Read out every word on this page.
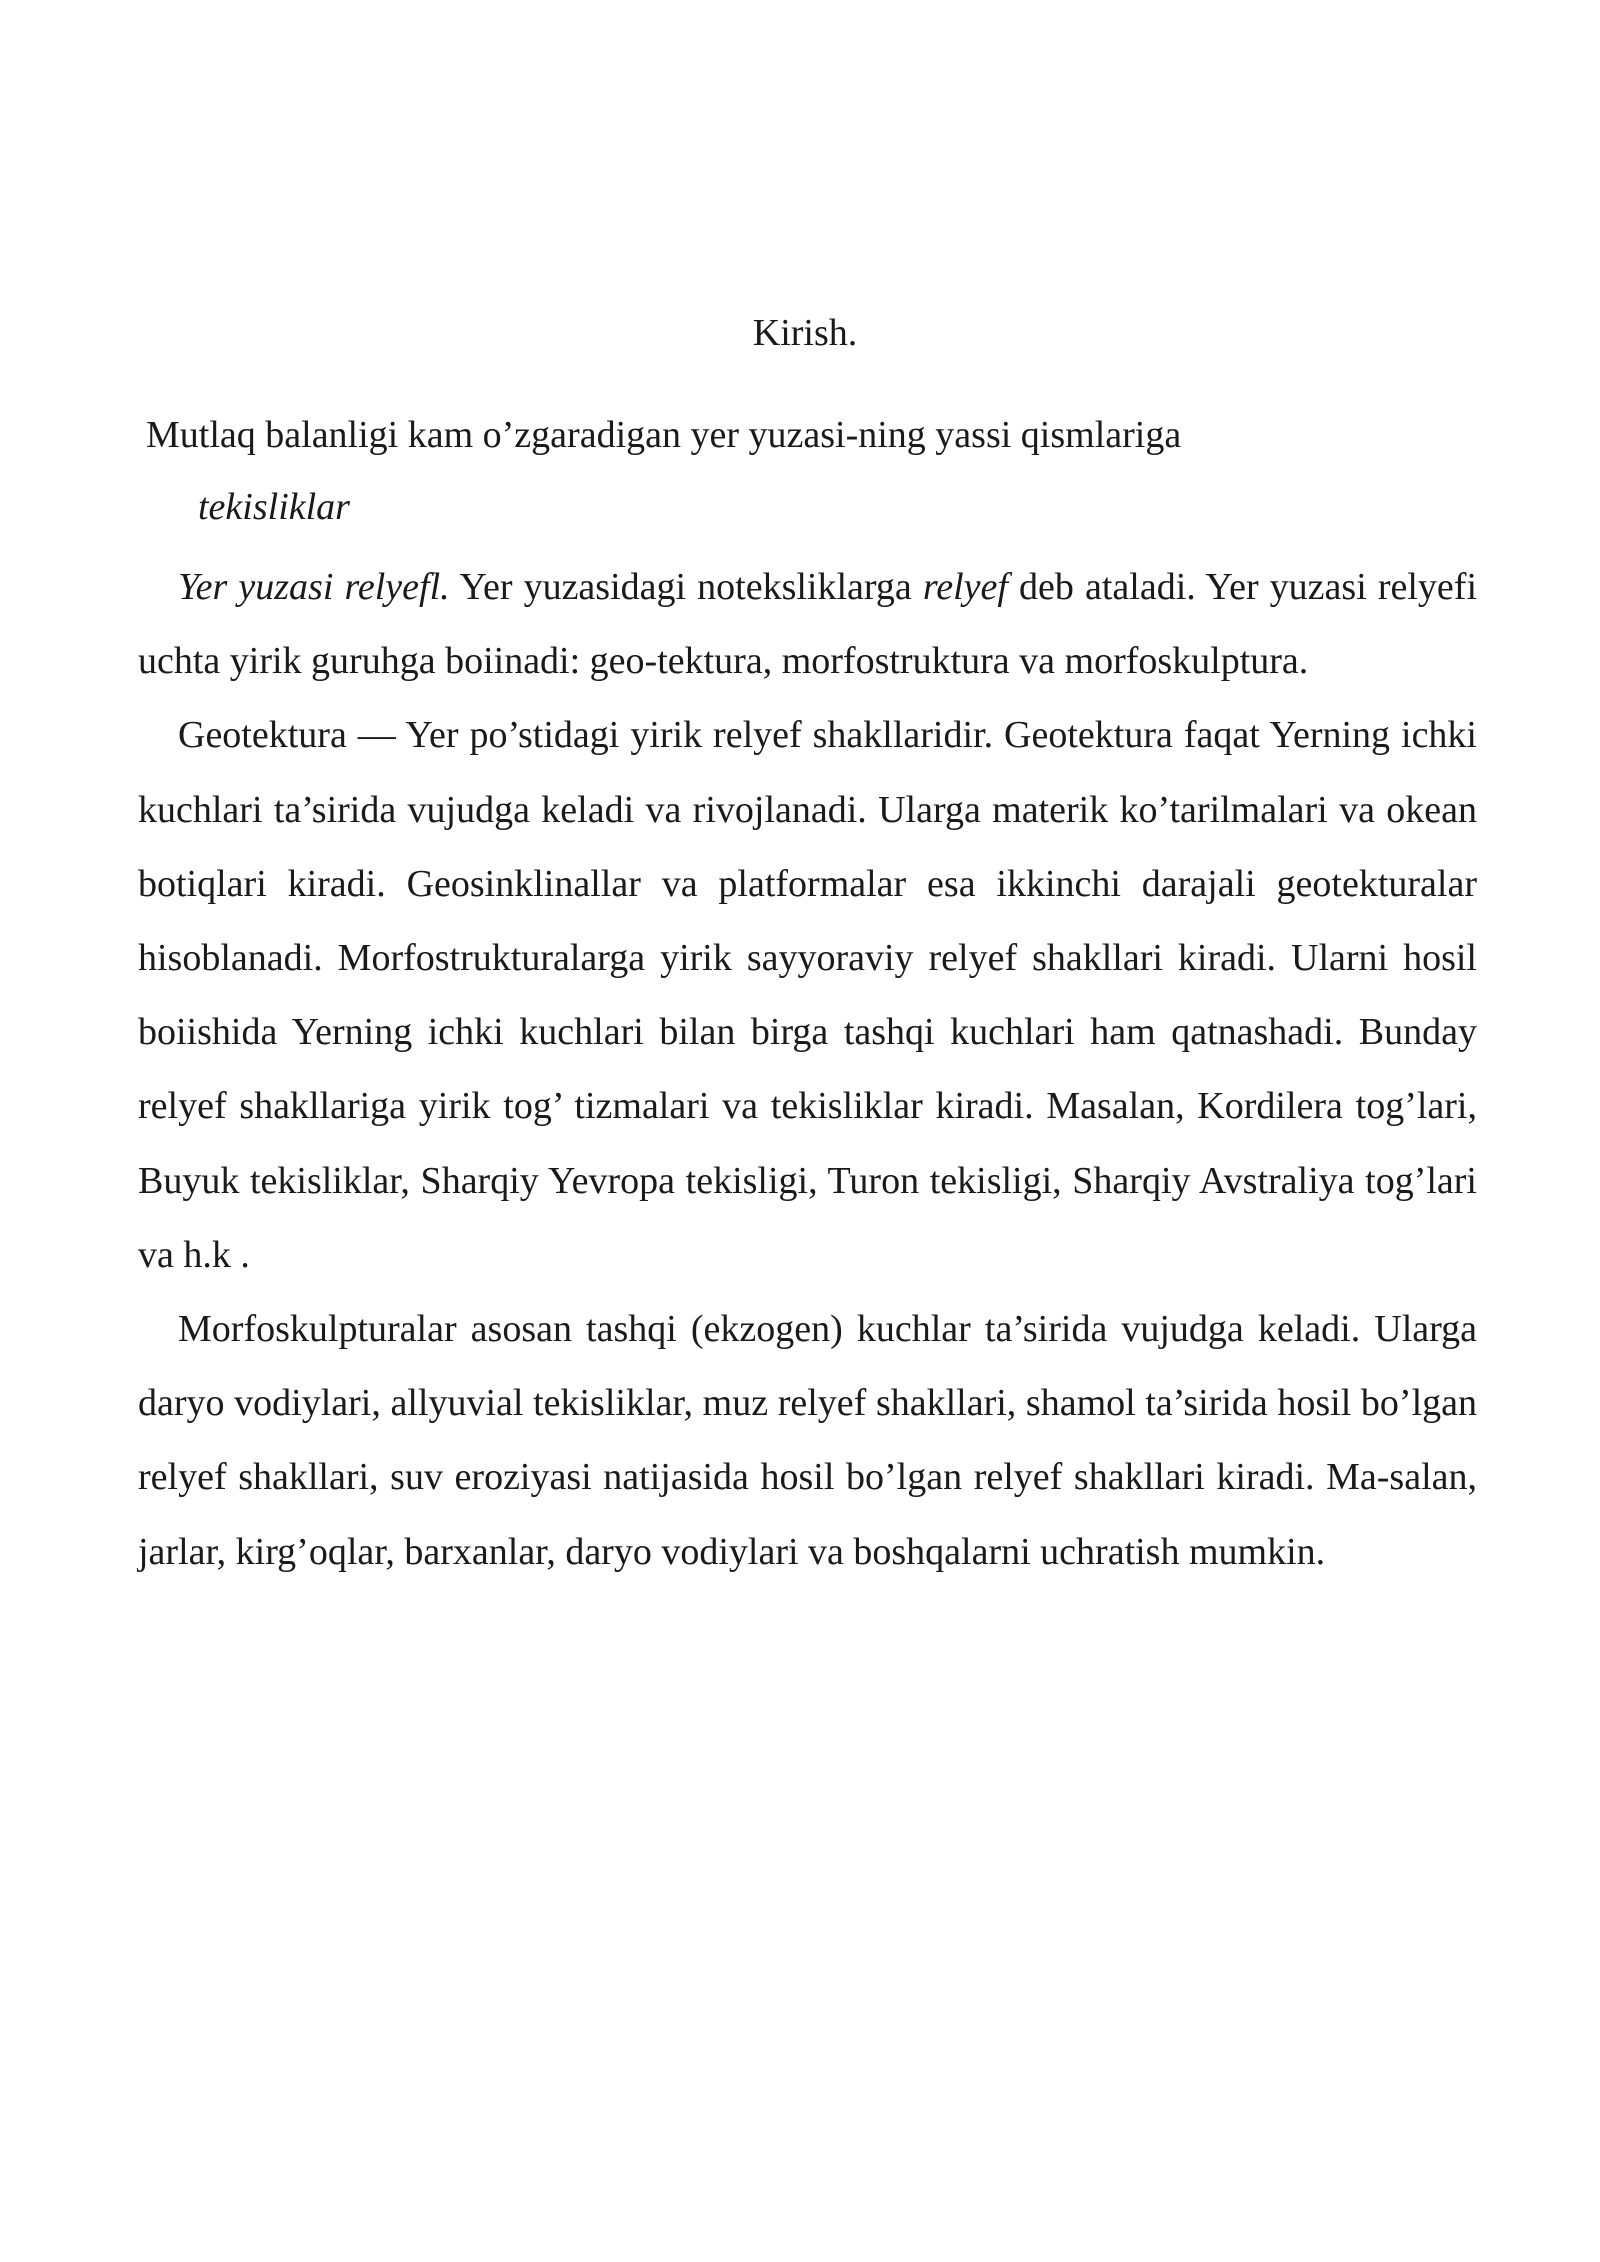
Kirish.
Mutlaq balanligi kam o’zgaradigan yer yuzasi-ning yassi qismlariga
tekisliklar

Yer yuzasi relyefl. Yer yuzasidagi noteksliklarga relyef deb ataladi. Yer yuzasi relyefi uchta yirik guruhga boiinadi: geo-tektura, morfostruktura va morfoskulptura.

Geotektura — Yer po’stidagi yirik relyef shakllaridir. Geotektura faqat Yerning ichki kuchlari ta’sirida vujudga keladi va rivojlanadi. Ularga materik ko’tarilmalari va okean botiqlari kiradi. Geosinklinallar va platformalar esa ikkinchi darajali geotekturalar hisoblanadi. Morfostrukturalarga yirik sayyoraviy relyef shakllari kiradi. Ularni hosil boiishida Yerning ichki kuchlari bilan birga tashqi kuchlari ham qatnashadi. Bunday relyef shakllariga yirik tog’ tizmalari va tekisliklar kiradi. Masalan, Kordilera tog’lari, Buyuk tekisliklar, Sharqiy Yevropa tekisligi, Turon tekisligi, Sharqiy Avstraliya tog’lari va h.k .

Morfoskulpturalar asosan tashqi (ekzogen) kuchlar ta’sirida vujudga keladi. Ularga daryo vodiylari, allyuvial tekisliklar, muz relyef shakllari, shamol ta’sirida hosil bo’lgan relyef shakllari, suv eroziyasi natijasida hosil bo’lgan relyef shakllari kiradi. Ma-salan, jarlar, kirg’oqlar, barxanlar, daryo vodiylari va boshqalarni uchratish mumkin.
